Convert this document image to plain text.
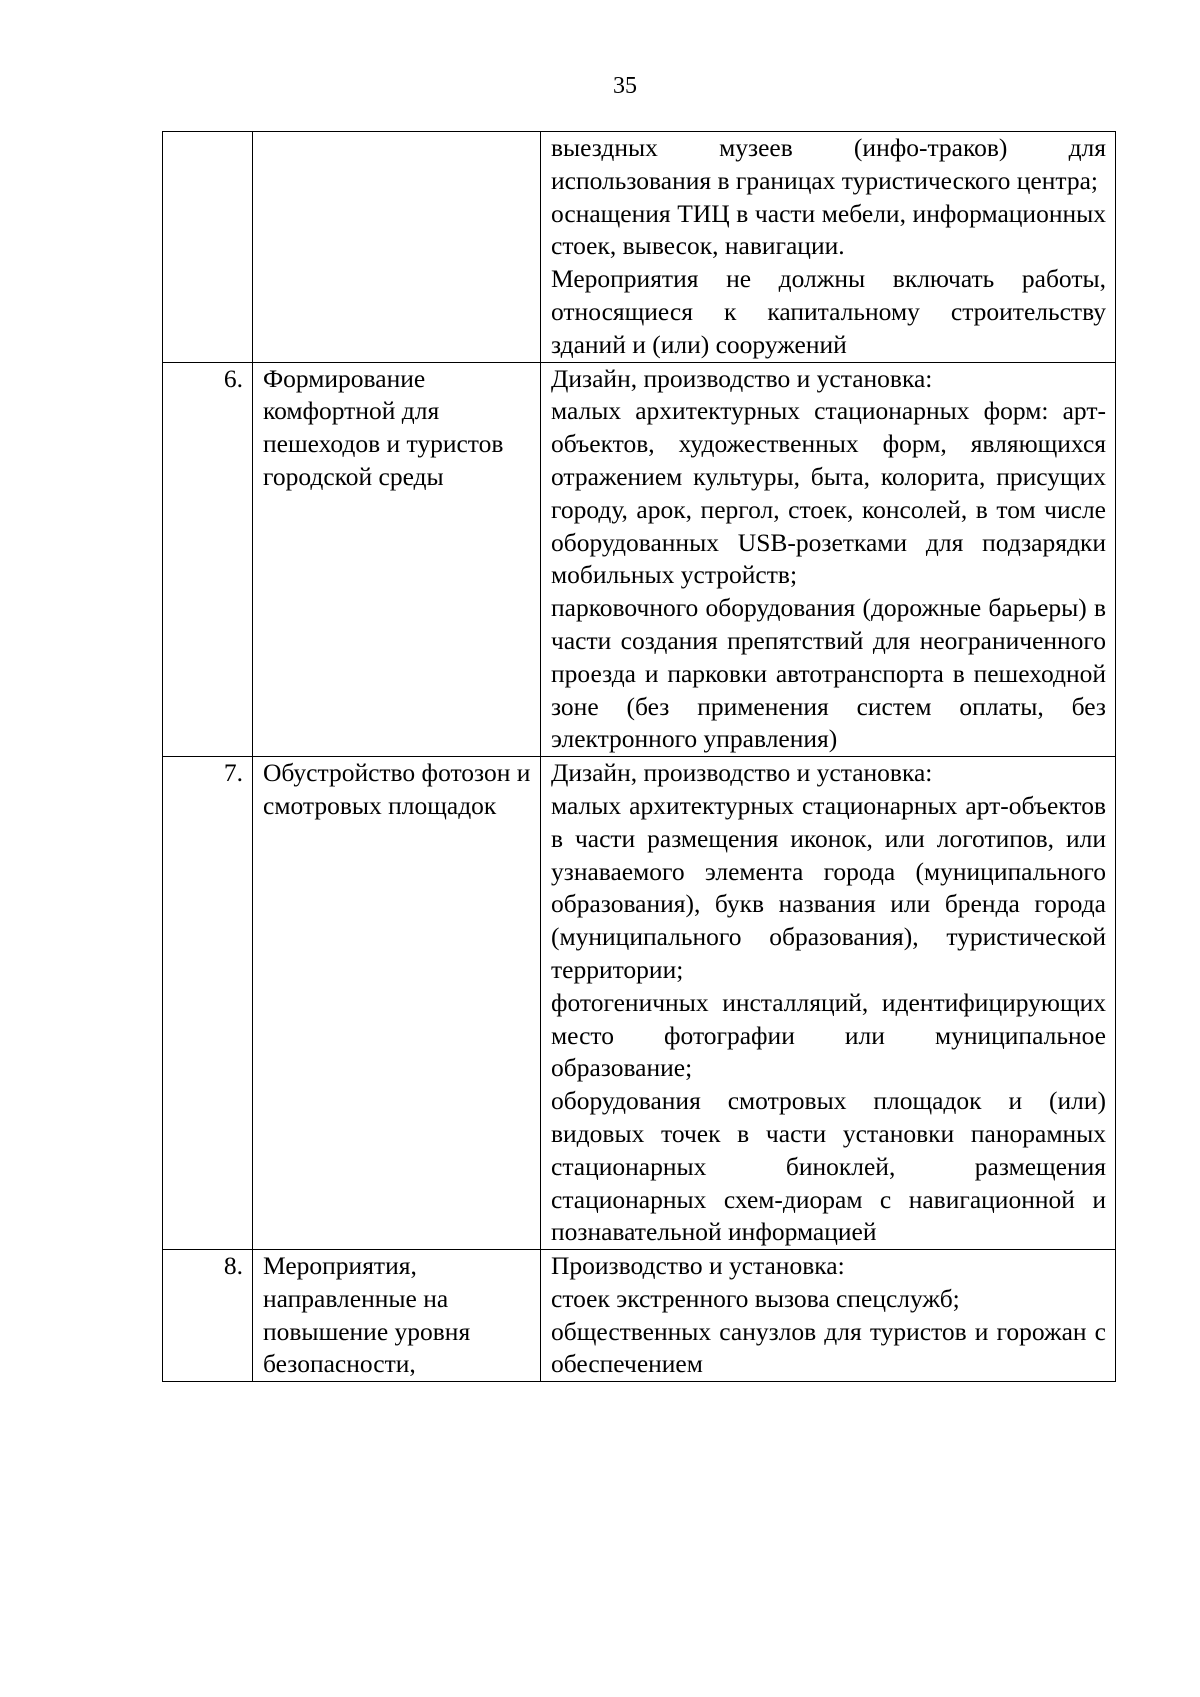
35

		выездных музеев (инфо-траков) для использования в границах туристического центра;
оснащения ТИЦ в части мебели, информационных стоек, вывесок, навигации.
Мероприятия не должны включать работы, относящиеся к капитальному строительству зданий и (или) сооружений

6.	Формирование комфортной для пешеходов и туристов городской среды	Дизайн, производство и установка:
малых архитектурных стационарных форм: арт-объектов, художественных форм, являющихся отражением культуры, быта, колорита, присущих городу, арок, пергол, стоек, консолей, в том числе оборудованных USB-розетками для подзарядки мобильных устройств;
парковочного оборудования (дорожные барьеры) в части создания препятствий для неограниченного проезда и парковки автотранспорта в пешеходной зоне (без применения систем оплаты, без электронного управления)

7.	Обустройство фотозон и смотровых площадок	Дизайн, производство и установка:
малых архитектурных стационарных арт-объектов в части размещения иконок, или логотипов, или узнаваемого элемента города (муниципального образования), букв названия или бренда города (муниципального образования), туристической территории;
фотогеничных инсталляций, идентифицирующих место фотографии или муниципальное образование;
оборудования смотровых площадок и (или) видовых точек в части установки панорамных стационарных биноклей, размещения стационарных схем-диорам с навигационной и познавательной информацией

8.	Мероприятия, направленные на повышение уровня безопасности,	Производство и установка:
стоек экстренного вызова спецслужб;
общественных санузлов для туристов и горожан с обеспечением
